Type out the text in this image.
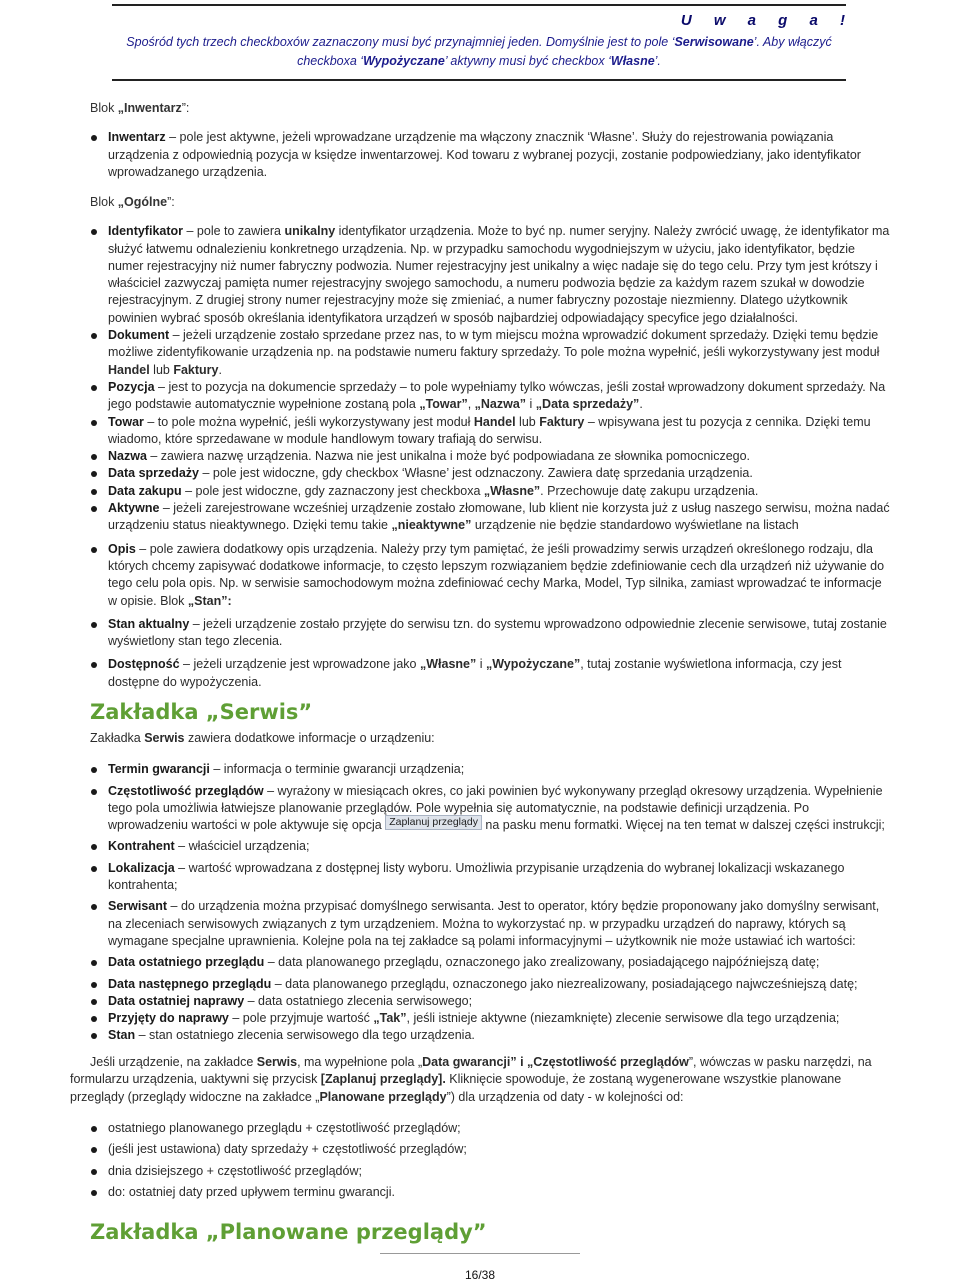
U w a g a !
Spośród tych trzech checkboxów zaznaczony musi być przynajmniej jeden. Domyślnie jest to pole ‘Serwisowane’. Aby włączyć
checkboxa ‘Wypożyczane’ aktywny musi być checkbox ‘Własne’.
Blok „Inwentarz”:
Inwentarz – pole jest aktywne, jeżeli wprowadzane urządzenie ma włączony znacznik ‘Własne’. Służy do rejestrowania powiązania urządzenia z odpowiednią pozycja w księdze inwentarzowej. Kod towaru z wybranej pozycji, zostanie podpowiedziany, jako identyfikator wprowadzanego urządzenia.
Blok „Ogólne”:
Identyfikator – pole to zawiera unikalny identyfikator urządzenia. Może to być np. numer seryjny. Należy zwrócić uwagę, że identyfikator ma służyć łatwemu odnalezieniu konkretnego urządzenia. Np. w przypadku samochodu wygodniejszym w użyciu, jako identyfikator, będzie numer rejestracyjny niż numer fabryczny podwozia. Numer rejestracyjny jest unikalny a więc nadaje się do tego celu. Przy tym jest krótszy i właściciel zazwyczaj pamięta numer rejestracyjny swojego samochodu, a numeru podwozia będzie za każdym razem szukał w dowodzie rejestracyjnym. Z drugiej strony numer rejestracyjny może się zmieniać, a numer fabryczny pozostaje niezmienny. Dlatego użytkownik powinien wybrać sposób określania identyfikatora urządzeń w sposób najbardziej odpowiadający specyfice jego działalności.
Dokument – jeżeli urządzenie zostało sprzedane przez nas, to w tym miejscu można wprowadzić dokument sprzedaży. Dzięki temu będzie możliwe zidentyfikowanie urządzenia np. na podstawie numeru faktury sprzedaży. To pole można wypełnić, jeśli wykorzystywany jest moduł Handel lub Faktury.
Pozycja – jest to pozycja na dokumencie sprzedaży – to pole wypełniamy tylko wówczas, jeśli został wprowadzony dokument sprzedaży. Na jego podstawie automatycznie wypełnione zostaną pola „Towar”, „Nazwa” i „Data sprzedaży”.
Towar – to pole można wypełnić, jeśli wykorzystywany jest moduł Handel lub Faktury – wpisywana jest tu pozycja z cennika. Dzięki temu wiadomo, które sprzedawane w module handlowym towary trafiają do serwisu.
Nazwa – zawiera nazwę urządzenia. Nazwa nie jest unikalna i może być podpowiadana ze słownika pomocniczego.
Data sprzedaży – pole jest widoczne, gdy checkbox ‘Własne’ jest odznaczony. Zawiera datę sprzedania urządzenia.
Data zakupu – pole jest widoczne, gdy zaznaczony jest checkboxa „Własne”. Przechowuje datę zakupu urządzenia.
Aktywne – jeżeli zarejestrowane wcześniej urządzenie zostało złomowane, lub klient nie korzysta już z usług naszego serwisu, można nadać urządzeniu status nieaktywnego. Dzięki temu takie „nieaktywne” urządzenie nie będzie standardowo wyświetlane na listach
Opis – pole zawiera dodatkowy opis urządzenia. Należy przy tym pamiętać, że jeśli prowadzimy serwis urządzeń określonego rodzaju, dla których chcemy zapisywać dodatkowe informacje, to często lepszym rozwiązaniem będzie zdefiniowanie cech dla urządzeń niż używanie do tego celu pola opis. Np. w serwisie samochodowym można zdefiniować cechy Marka, Model, Typ silnika, zamiast wprowadzać te informacje w opisie. Blok „Stan”:
Stan aktualny – jeżeli urządzenie zostało przyjęte do serwisu tzn. do systemu wprowadzono odpowiednie zlecenie serwisowe, tutaj zostanie wyświetlony stan tego zlecenia.
Dostępność – jeżeli urządzenie jest wprowadzone jako „Własne” i „Wypożyczane”, tutaj zostanie wyświetlona informacja, czy jest dostępne do wypożyczenia.
Zakładka „Serwis”

Zakładka Serwis zawiera dodatkowe informacje o urządzeniu:

Termin gwarancji – informacja o terminie gwarancji urządzenia;
Częstotliwość przeglądów – wyrażony w miesiącach okres, co jaki powinien być wykonywany przegląd okresowy urządzenia. Wypełnienie tego pola umożliwia łatwiejsze planowanie przeglądów. Pole wypełnia się automatycznie, na podstawie definicji urządzenia. Po wprowadzeniu wartości w pole aktywuje się opcja Zaplanuj przeglądy na pasku menu formatki. Więcej na ten temat w dalszej części instrukcji;
Kontrahent – właściciel urządzenia;
Lokalizacja – wartość wprowadzana z dostępnej listy wyboru. Umożliwia przypisanie urządzenia do wybranej lokalizacji wskazanego kontrahenta;
Serwisant – do urządzenia można przypisać domyślnego serwisanta. Jest to operator, który będzie proponowany jako domyślny serwisant, na zleceniach serwisowych związanych z tym urządzeniem. Można to wykorzystać np. w przypadku urządzeń do naprawy, których są wymagane specjalne uprawnienia. Kolejne pola na tej zakładce są polami informacyjnymi – użytkownik nie może ustawiać ich wartości:
Data ostatniego przeglądu – data planowanego przeglądu, oznaczonego jako zrealizowany, posiadającego najpóźniejszą datę;
Data następnego przeglądu – data planowanego przeglądu, oznaczonego jako niezrealizowany, posiadającego najwcześniejszą datę;
Data ostatniej naprawy – data ostatniego zlecenia serwisowego;
Przyjęty do naprawy – pole przyjmuje wartość „Tak”, jeśli istnieje aktywne (niezamknięte) zlecenie serwisowe dla tego urządzenia;
Stan – stan ostatniego zlecenia serwisowego dla tego urządzenia.

Jeśli urządzenie, na zakładce Serwis, ma wypełnione pola „Data gwarancji” i „Częstotliwość przeglądów”, wówczas w pasku narzędzi, na formularzu urządzenia, uaktywni się przycisk [Zaplanuj przeglądy]. Kliknięcie spowoduje, że zostaną wygenerowane wszystkie planowane przeglądy (przeglądy widoczne na zakładce „Planowane przeglądy”) dla urządzenia od daty - w kolejności od:

ostatniego planowanego przeglądu + częstotliwość przeglądów;
(jeśli jest ustawiona) daty sprzedaży + częstotliwość przeglądów;
dnia dzisiejszego + częstotliwość przeglądów;
do: ostatniej daty przed upływem terminu gwarancji.
Zakładka „Planowane przeglądy”
16/38
